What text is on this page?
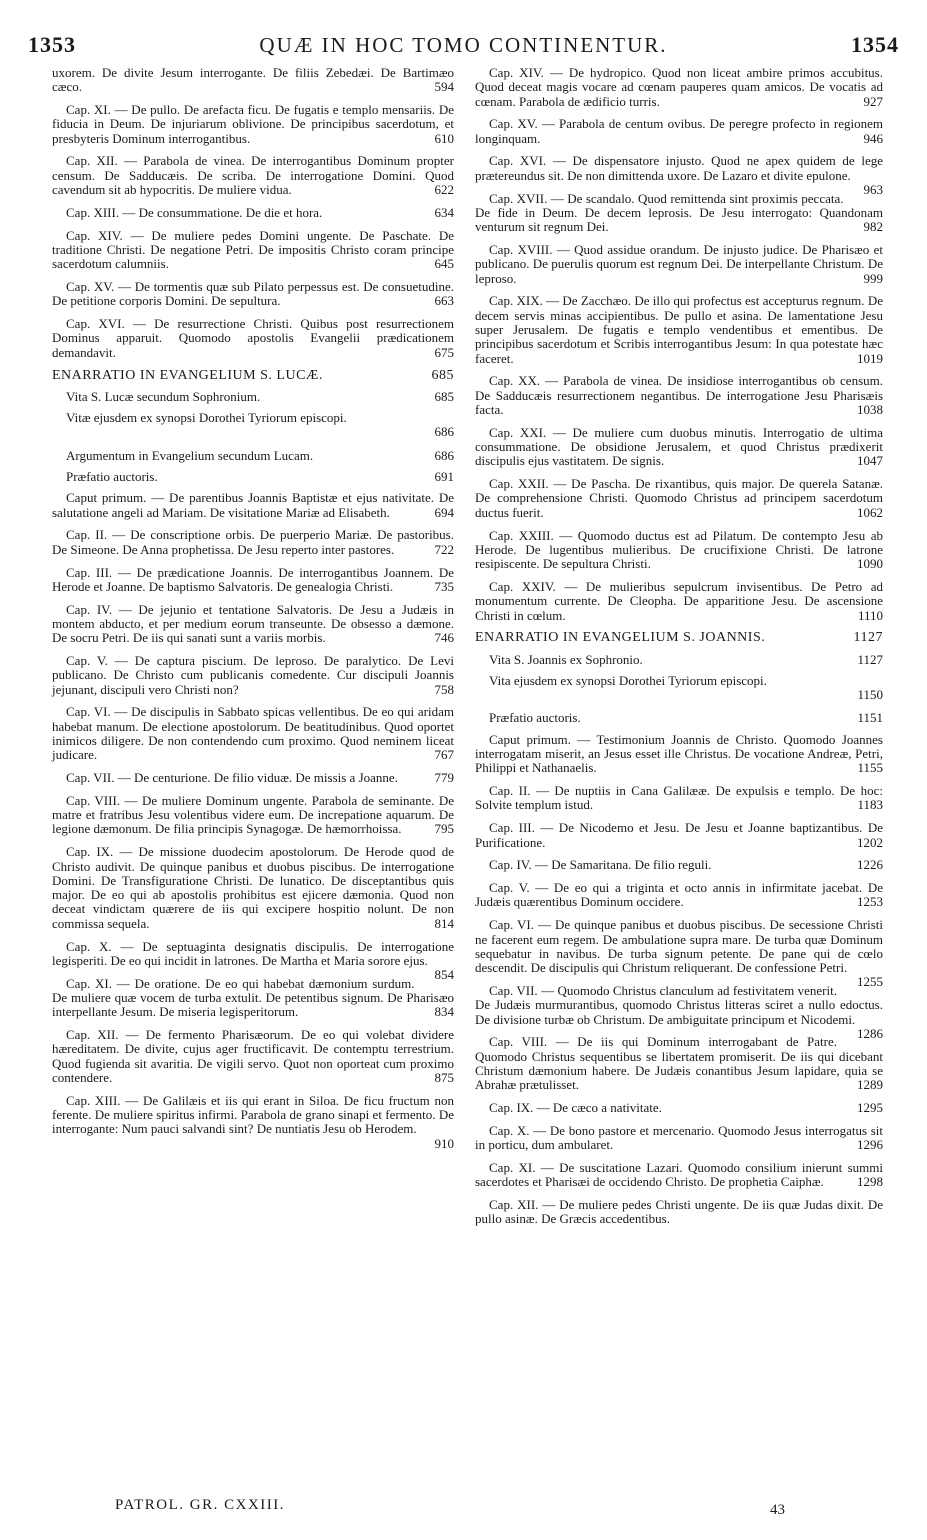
1353	QUÆ IN HOC TOMO CONTINENTUR.	1354
uxorem. De divite Jesum interrogante. De filiis Zebedæi. De Bartimæo cæco.	594
Cap. XI. — De pullo. De arefacta ficu. De fugatis e templo mensariis. De fiducia in Deum. De injuriarum oblivione. De principibus sacerdotum, et presbyteris Dominum interrogantibus.	610
Cap. XII. — Parabola de vinea. De interrogantibus Dominum propter censum. De Sadducæis. De scriba. De interrogatione Domini. Quod cavendum sit ab hypocritis. De muliere vidua.	622
Cap. XIII. — De consummatione. De die et hora.	634
Cap. XIV. — De muliere pedes Domini ungente. De Paschate. De traditione Christi. De negatione Petri. De impositis Christo coram principe sacerdotum calumniis.	645
Cap. XV. — De tormentis quæ sub Pilato perpessus est. De consuetudine. De petitione corporis Domini. De sepultura.	663
Cap. XVI. — De resurrectione Christi. Quibus post resurrectionem Dominus apparuit. Quomodo apostolis Evangelii prædicationem demandavit.	675
ENARRATIO IN EVANGELIUM S. LUCÆ.	685
Vita S. Lucæ secundum Sophronium.	685
Vitæ ejusdem ex synopsi Dorothei Tyriorum episcopi.
686
Argumentum in Evangelium secundum Lucam.	686
Præfatio auctoris.	691
Caput primum. — De parentibus Joannis Baptistæ et ejus nativitate. De salutatione angeli ad Mariam. De visitatione Mariæ ad Elisabeth.	694
Cap. II. — De conscriptione orbis. De puerperio Mariæ. De pastoribus. De Simeone. De Anna prophetissa. De Jesu reperto inter pastores.	722
Cap. III. — De prædicatione Joannis. De interrogantibus Joannem. De Herode et Joanne. De baptismo Salvatoris. De genealogia Christi.	735
Cap. IV. — De jejunio et tentatione Salvatoris. De Jesu a Judæis in montem abducto, et per medium eorum transeunte. De obsesso a dæmone. De socru Petri. De iis qui sanati sunt a variis morbis.	746
Cap. V. — De captura piscium. De leproso. De paralytico. De Levi publicano. De Christo cum publicanis comedente. Cur discipuli Joannis jejunant, discipuli vero Christi non?	758
Cap. VI. — De discipulis in Sabbato spicas vellentibus. De eo qui aridam habebat manum. De electione apostolorum. De beatitudinibus. Quod oportet inimicos diligere. De non contendendo cum proximo. Quod neminem liceat judicare.	767
Cap. VII. — De centurione. De filio viduæ. De missis a Joanne.	779
Cap. VIII. — De muliere Dominum ungente. Parabola de seminante. De matre et fratribus Jesu volentibus videre eum. De increpatione aquarum. De legione dæmonum. De filia principis Synagogæ. De hæmorrhoissa.	795
Cap. IX. — De missione duodecim apostolorum. De Herode quod de Christo audivit. De quinque panibus et duobus piscibus. De interrogatione Domini. De Transfiguratione Christi. De lunatico. De disceptantibus quis major. De eo qui ab apostolis prohibitus est ejicere dæmonia. Quod non deceat vindictam quærere de iis qui excipere hospitio nolunt. De non commissa sequela.	814
Cap. X. — De septuaginta designatis discipulis. De interrogatione legisperiti. De eo qui incidit in latrones. De Martha et Maria sorore ejus.
854
Cap. XI. — De oratione. De eo qui habebat dæmonium surdum. De muliere quæ vocem de turba extulit. De petentibus signum. De Pharisæo interpellante Jesum. De miseria legisperitorum.	834
Cap. XII. — De fermento Pharisæorum. De eo qui volebat dividere hæreditatem. De divite, cujus ager fructificavit. De contemptu terrestrium. Quod fugienda sit avaritia. De vigili servo. Quot non oporteat cum proximo contendere.	875
Cap. XIII. — De Galilæis et iis qui erant in Siloa. De ficu fructum non ferente. De muliere spiritus infirmi. Parabola de grano sinapi et fermento. De interrogante: Num pauci salvandi sint? De nuntiatis Jesu ob Herodem.
910
Cap. XIV. — De hydropico. Quod non liceat ambire primos accubitus. Quod deceat magis vocare ad cœnam pauperes quam amicos. De vocatis ad cœnam. Parabola de ædificio turris.	927
Cap. XV. — Parabola de centum ovibus. De peregre profecto in regionem longinquam.	946
Cap. XVI. — De dispensatore injusto. Quod ne apex quidem de lege prætereundus sit. De non dimittenda uxore. De Lazaro et divite epulone.
963
Cap. XVII. — De scandalo. Quod remittenda sint proximis peccata. De fide in Deum. De decem leprosis. De Jesu interrogato: Quandonam venturum sit regnum Dei.	982
Cap. XVIII. — Quod assidue orandum. De injusto judice. De Pharisæo et publicano. De puerulis quorum est regnum Dei. De interpellante Christum. De leproso.	999
Cap. XIX. — De Zacchæo. De illo qui profectus est accepturus regnum. De decem servis minas accipientibus. De pullo et asina. De lamentatione Jesu super Jerusalem. De fugatis e templo vendentibus et ementibus. De principibus sacerdotum et Scribis interrogantibus Jesum: In qua potestate hæc faceret.	1019
Cap. XX. — Parabola de vinea. De insidiose interrogantibus ob censum. De Sadducæis resurrectionem negantibus. De interrogatione Jesu Pharisæis facta.	1038
Cap. XXI. — De muliere cum duobus minutis. Interrogatio de ultima consummatione. De obsidione Jerusalem, et quod Christus prædixerit discipulis ejus vastitatem. De signis.	1047
Cap. XXII. — De Pascha. De rixantibus, quis major. De querela Satanæ. De comprehensione Christi. Quomodo Christus ad principem sacerdotum ductus fuerit.	1062
Cap. XXIII. — Quomodo ductus est ad Pilatum. De contempto Jesu ab Herode. De lugentibus mulieribus. De crucifixione Christi. De latrone resipiscente. De sepultura Christi.	1090
Cap. XXIV. — De mulieribus sepulcrum invisentibus. De Petro ad monumentum currente. De Cleopha. De apparitione Jesu. De ascensione Christi in cœlum.	1110
ENARRATIO IN EVANGELIUM S. JOANNIS.	1127
Vita S. Joannis ex Sophronio.	1127
Vita ejusdem ex synopsi Dorothei Tyriorum episcopi.
1150
Præfatio auctoris.	1151
Caput primum. — Testimonium Joannis de Christo. Quomodo Joannes interrogatam miserit, an Jesus esset ille Christus. De vocatione Andreæ, Petri, Philippi et Nathanaelis.	1155
Cap. II. — De nuptiis in Cana Galilææ. De expulsis e templo. De hoc: Solvite templum istud.	1183
Cap. III. — De Nicodemo et Jesu. De Jesu et Joanne baptizantibus. De Purificatione.	1202
Cap. IV. — De Samaritana. De filio reguli.	1226
Cap. V. — De eo qui a triginta et octo annis in infirmitate jacebat. De Judæis quærentibus Dominum occidere.	1253
Cap. VI. — De quinque panibus et duobus piscibus. De secessione Christi ne facerent eum regem. De ambulatione supra mare. De turba quæ Dominum sequebatur in navibus. De turba signum petente. De pane qui de cœlo descendit. De discipulis qui Christum reliquerant. De confessione Petri.
1255
Cap. VII. — Quomodo Christus clanculum ad festivitatem venerit. De Judæis murmurantibus, quomodo Christus litteras sciret a nullo edoctus. De divisione turbæ ob Christum. De ambiguitate principum et Nicodemi.
1286
Cap. VIII. — De iis qui Dominum interrogabant de Patre. Quomodo Christus sequentibus se libertatem promiserit. De iis qui dicebant Christum dæmonium habere. De Judæis conantibus Jesum lapidare, quia se Abrahæ prætulisset.	1289
Cap. IX. — De cæco a nativitate.	1295
Cap. X. — De bono pastore et mercenario. Quomodo Jesus interrogatus sit in porticu, dum ambularet.	1296
Cap. XI. — De suscitatione Lazari. Quomodo consilium inierunt summi sacerdotes et Pharisæi de occidendo Christo. De prophetia Caiphæ.	1298
Cap. XII. — De muliere pedes Christi ungente. De iis quæ Judas dixit. De pullo asinæ. De Græcis accedentibus.
PATROL. GR. CXXIII.	43
